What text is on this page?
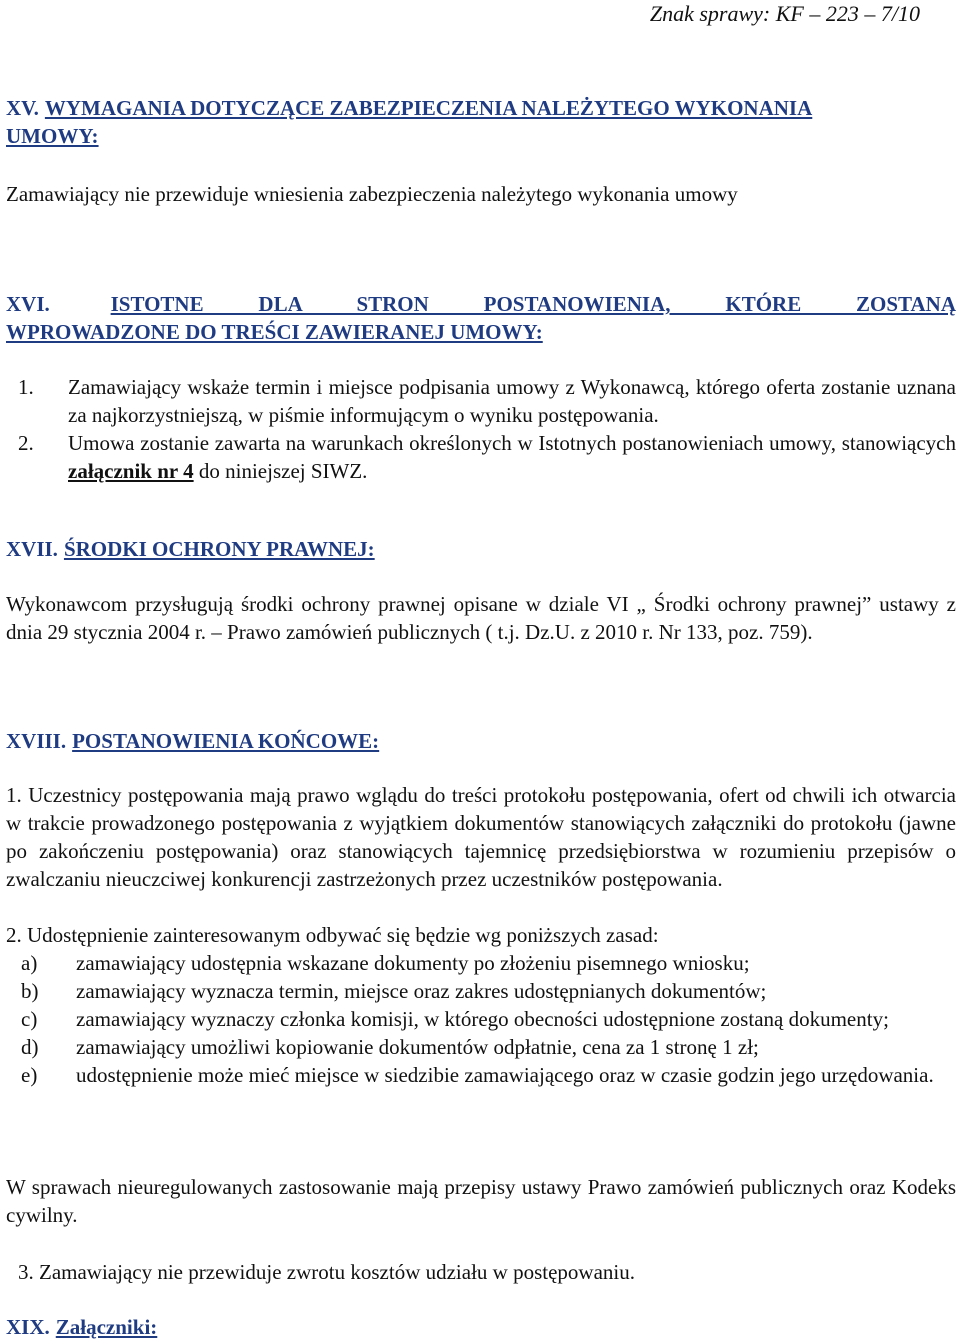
Znak sprawy: KF – 223 – 7/10
XV. WYMAGANIA DOTYCZĄCE ZABEZPIECZENIA NALEŻYTEGO WYKONANIA
UMOWY:
Zamawiający nie przewiduje wniesienia zabezpieczenia należytego wykonania umowy
XVI.	ISTOTNE DLA STRON POSTANOWIENIA, KTÓRE ZOSTANĄ
WPROWADZONE DO TREŚCI ZAWIERANEJ UMOWY:
1.	Zamawiający wskaże termin i miejsce podpisania umowy z Wykonawcą, którego oferta zostanie uznana za najkorzystniejszą, w piśmie informującym o wyniku postępowania.
2.	Umowa zostanie zawarta na warunkach określonych w Istotnych postanowieniach umowy, stanowiących załącznik nr 4 do niniejszej SIWZ.
XVII. ŚRODKI OCHRONY PRAWNEJ:
Wykonawcom przysługują środki ochrony prawnej opisane w dziale VI „ Środki ochrony prawnej” ustawy z dnia 29 stycznia 2004 r. – Prawo zamówień publicznych ( t.j. Dz.U. z 2010 r. Nr 133, poz. 759).
XVIII. POSTANOWIENIA KOŃCOWE:
1. Uczestnicy postępowania mają prawo wglądu do treści protokołu postępowania, ofert od chwili ich otwarcia w trakcie prowadzonego postępowania z wyjątkiem dokumentów stanowiących załączniki do protokołu (jawne po zakończeniu postępowania) oraz stanowiących tajemnicę przedsiębiorstwa w rozumieniu przepisów o zwalczaniu nieuczciwej konkurencji zastrzeżonych przez uczestników postępowania.
2. Udostępnienie zainteresowanym odbywać się będzie wg poniższych zasad:
a)	zamawiający udostępnia wskazane dokumenty po złożeniu pisemnego wniosku;
b)	zamawiający wyznacza termin, miejsce oraz zakres udostępnianych dokumentów;
c)	zamawiający wyznaczy członka komisji, w którego obecności udostępnione zostaną dokumenty;
d)	zamawiający umożliwi kopiowanie dokumentów odpłatnie, cena za 1 stronę 1 zł;
e)	udostępnienie może mieć miejsce w siedzibie zamawiającego oraz w czasie godzin jego urzędowania.
W sprawach nieuregulowanych zastosowanie mają przepisy ustawy Prawo zamówień publicznych oraz Kodeks cywilny.
3. Zamawiający nie przewiduje zwrotu kosztów udziału w postępowaniu.
XIX. Załączniki:
